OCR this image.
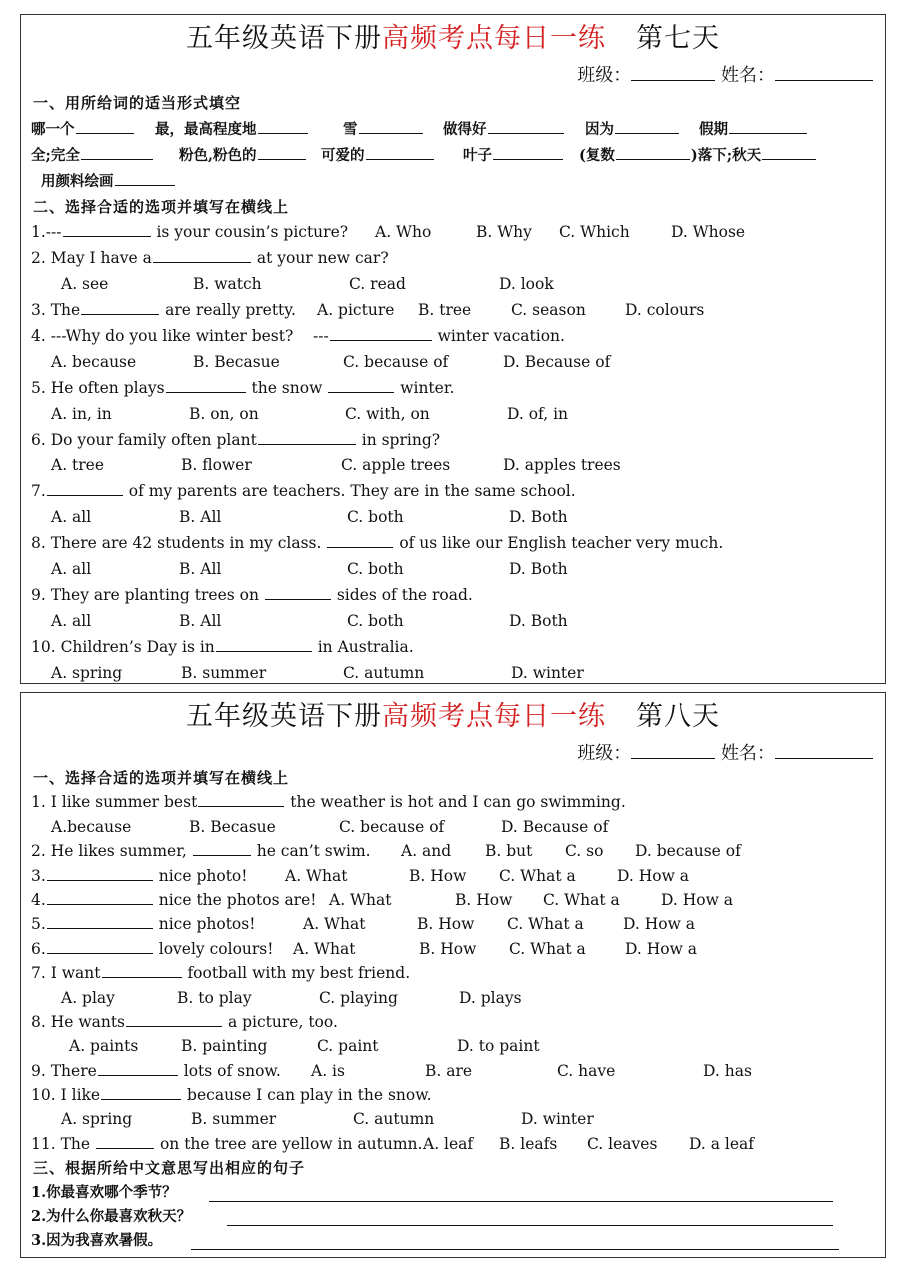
五年级英语下册高频考点每日一练 第七天
班级：	姓名：
一、用所给词的适当形式填空
哪一个	最，最高程度地	雪	做得好	因为	假期
全;完全	粉色,粉色的	可爱的	叶子	(复数	)落下;秋天
用颜料绘画
二、选择合适的选项并填写在横线上
1.---	is your cousin’s picture? A. Who	B. Why C. Which	D. Whose
2. May I have a	at your new car?
A. see	B. watch	C. read	D. look
3. The	are really pretty. A. picture B. tree	C. season	D. colours
4. ---Why do you like winter best? ---	winter vacation.
A. because	B. Becasue	C. because of	D. Because of
5. He often plays	the snow	winter.
A. in, in	B. on, on	C. with, on	D. of, in
6. Do your family often plant	in spring?
A. tree	B. flower	C. apple trees	D. apples trees
7.	of my parents are teachers. They are in the same school.
A. all	B. All	C. both	D. Both
8. There are 42 students in my class.	of us like our English teacher very much.
A. all	B. All	C. both	D. Both
9. They are planting trees on	sides of the road.
A. all	B. All	C. both	D. Both
10. Children’s Day is in	in Australia.
A. spring	B. summer	C. autumn	D. winter
五年级英语下册高频考点每日一练 第八天
班级：	姓名：
一、选择合适的选项并填写在横线上
1. I like summer best	the weather is hot and I can go swimming.
A.because	B. Becasue	C. because of	D. Because of
2. He likes summer,	he can’t swim. A. and B. but C. so D. because of
3.	nice photo! A. What	B. How C. What a	D. How a
4.	nice the photos are! A. What	B. How C. What a	D. How a
5.	nice photos!	A. What	B. How C. What a	D. How a
6.	lovely colours! A. What	B. How C. What a	D. How a
7. I want	football with my best friend.
A. play	B. to play	C. playing	D. plays
8. He wants	a picture, too.
A. paints	B. painting	C. paint	D. to paint
9. There	lots of snow. A. is	B. are	C. have	D. has
10. I like	because I can play in the snow.
A. spring	B. summer	C. autumn	D. winter
11. The	on the tree are yellow in autumn. A. leaf B. leafs C. leaves D. a leaf
三、根据所给中文意思写出相应的句子
1.你最喜欢哪个季节？
2.为什么你最喜欢秋天？
3.因为我喜欢暑假。
